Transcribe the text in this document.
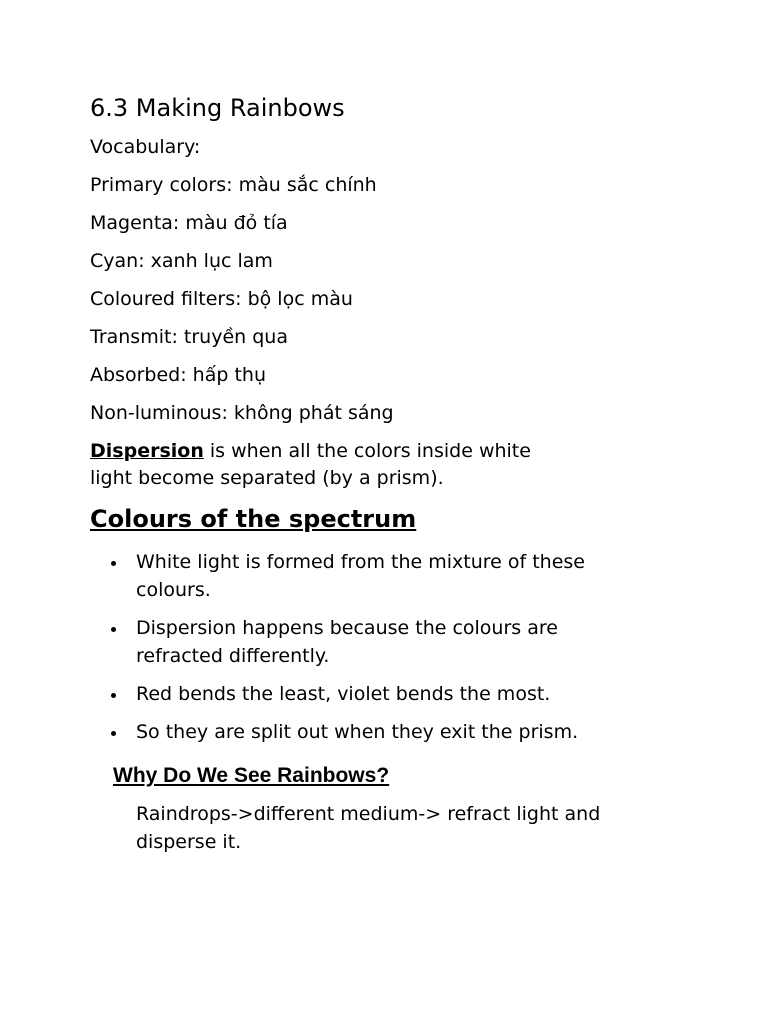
6.3 Making Rainbows
Vocabulary:
Primary colors: màu sắc chính
Magenta: màu đỏ tía
Cyan: xanh lục lam
Coloured filters: bộ lọc màu
Transmit: truyền qua
Absorbed: hấp thụ
Non-luminous: không phát sáng

Dispersion is when all the colors inside white light become separated (by a prism).

Colours of the spectrum
White light is formed from the mixture of these colours.
Dispersion happens because the colours are refracted differently.
Red bends the least, violet bends the most.
So they are split out when they exit the prism.
Why Do We See Rainbows?

Raindrops->different medium-> refract light and disperse it.
